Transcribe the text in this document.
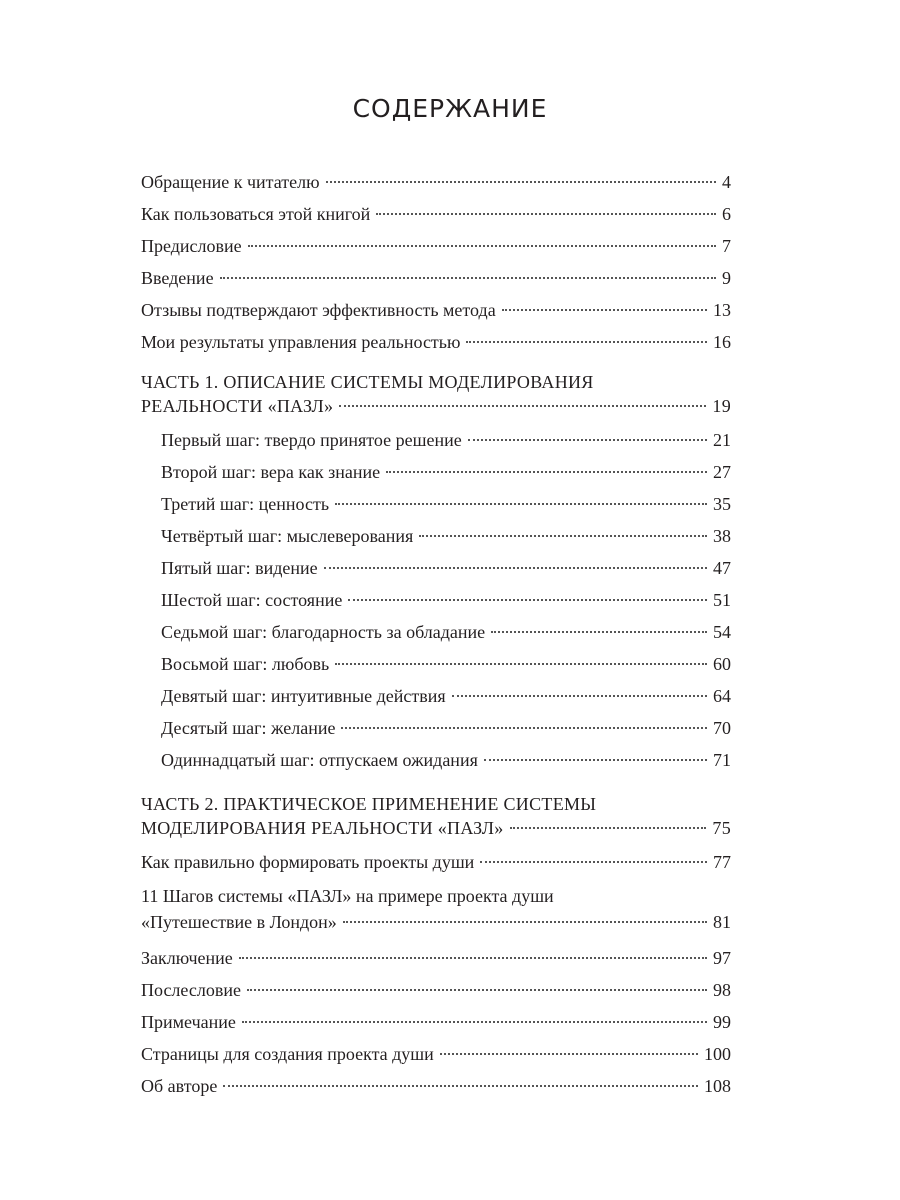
СОДЕРЖАНИЕ
Обращение к читателю	4
Как пользоваться этой книгой	6
Предисловие	7
Введение	9
Отзывы подтверждают эффективность метода	13
Мои результаты управления реальностью	16
ЧАСТЬ 1. ОПИСАНИЕ СИСТЕМЫ МОДЕЛИРОВАНИЯ
РЕАЛЬНОСТИ «ПАЗЛ»	19
Первый шаг: твердо принятое решение	21
Второй шаг: вера как знание	27
Третий шаг: ценность	35
Четвёртый шаг: мыслеверования	38
Пятый шаг: видение	47
Шестой шаг: состояние	51
Седьмой шаг: благодарность за обладание	54
Восьмой шаг: любовь	60
Девятый шаг: интуитивные действия	64
Десятый шаг: желание	70
Одиннадцатый шаг: отпускаем ожидания	71
ЧАСТЬ 2. ПРАКТИЧЕСКОЕ ПРИМЕНЕНИЕ СИСТЕМЫ
МОДЕЛИРОВАНИЯ РЕАЛЬНОСТИ «ПАЗЛ»	75
Как правильно формировать проекты души	77
11 Шагов системы «ПАЗЛ» на примере проекта души
«Путешествие в Лондон»	81
Заключение	97
Послесловие	98
Примечание	99
Страницы для создания проекта души	100
Об авторе	108
